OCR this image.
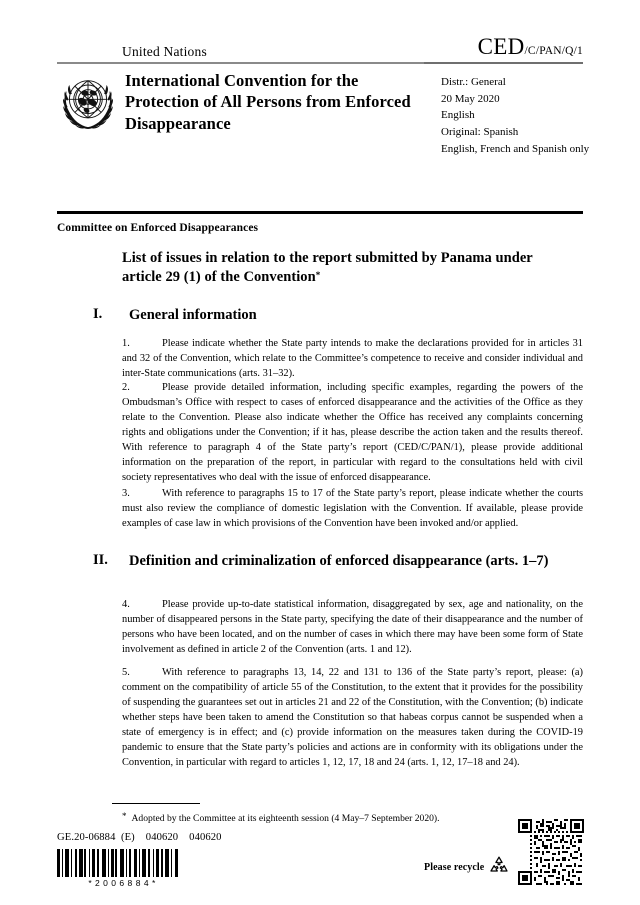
United Nations	CED/C/PAN/Q/1
International Convention for the Protection of All Persons from Enforced Disappearance
Distr.: General
20 May 2020
English
Original: Spanish
English, French and Spanish only
Committee on Enforced Disappearances
List of issues in relation to the report submitted by Panama under article 29 (1) of the Convention*
I.	General information
1.	Please indicate whether the State party intends to make the declarations provided for in articles 31 and 32 of the Convention, which relate to the Committee’s competence to receive and consider individual and inter-State communications (arts. 31–32).
2.	Please provide detailed information, including specific examples, regarding the powers of the Ombudsman’s Office with respect to cases of enforced disappearance and the activities of the Office as they relate to the Convention. Please also indicate whether the Office has received any complaints concerning rights and obligations under the Convention; if it has, please describe the action taken and the results thereof. With reference to paragraph 4 of the State party’s report (CED/C/PAN/1), please provide additional information on the preparation of the report, in particular with regard to the consultations held with civil society representatives who deal with the issue of enforced disappearance.
3.	With reference to paragraphs 15 to 17 of the State party’s report, please indicate whether the courts must also review the compliance of domestic legislation with the Convention. If available, please provide examples of case law in which provisions of the Convention have been invoked and/or applied.
II.	Definition and criminalization of enforced disappearance (arts. 1–7)
4.	Please provide up-to-date statistical information, disaggregated by sex, age and nationality, on the number of disappeared persons in the State party, specifying the date of their disappearance and the number of persons who have been located, and on the number of cases in which there may have been some form of State involvement as defined in article 2 of the Convention (arts. 1 and 12).
5.	With reference to paragraphs 13, 14, 22 and 131 to 136 of the State party’s report, please: (a) comment on the compatibility of article 55 of the Constitution, to the extent that it provides for the possibility of suspending the guarantees set out in articles 21 and 22 of the Constitution, with the Convention; (b) indicate whether steps have been taken to amend the Constitution so that habeas corpus cannot be suspended when a state of emergency is in effect; and (c) provide information on the measures taken during the COVID-19 pandemic to ensure that the State party’s policies and actions are in conformity with its obligations under the Convention, in particular with regard to articles 1, 12, 17, 18 and 24 (arts. 1, 12, 17–18 and 24).
* Adopted by the Committee at its eighteenth session (4 May–7 September 2020).
GE.20-06884  (E)    040620    040620
*2006884*
Please recycle
